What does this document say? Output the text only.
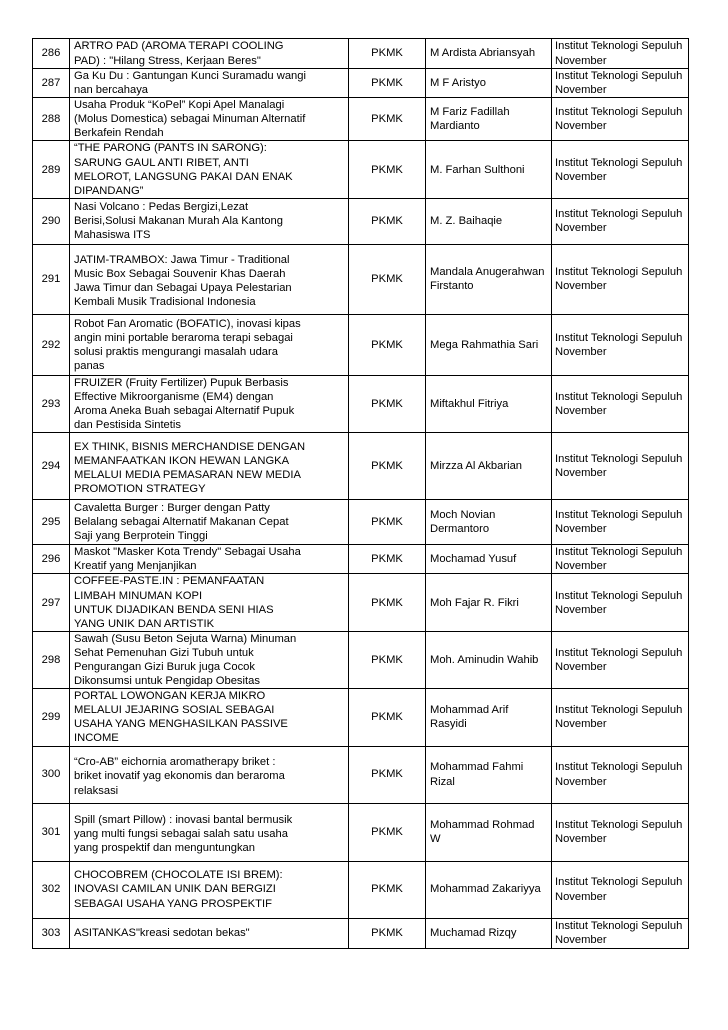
286	ARTRO PAD (AROMA TERAPI COOLING
PAD) : "Hilang Stress, Kerjaan Beres"	PKMK	M Ardista Abriansyah	Institut Teknologi Sepuluh
November
287	Ga Ku Du : Gantungan Kunci Suramadu wangi
nan bercahaya	PKMK	M F Aristyo	Institut Teknologi Sepuluh
November
288	Usaha Produk “KoPel” Kopi Apel Manalagi
(Molus Domestica) sebagai Minuman Alternatif
Berkafein Rendah	PKMK	M Fariz Fadillah
Mardianto	Institut Teknologi Sepuluh
November
289	“THE PARONG (PANTS IN SARONG):
SARUNG GAUL ANTI RIBET, ANTI
MELOROT, LANGSUNG PAKAI DAN ENAK
DIPANDANG”	PKMK	M. Farhan Sulthoni	Institut Teknologi Sepuluh
November
290	Nasi Volcano : Pedas Bergizi,Lezat
Berisi,Solusi Makanan Murah Ala Kantong
Mahasiswa ITS	PKMK	M. Z. Baihaqie	Institut Teknologi Sepuluh
November
291	JATIM-TRAMBOX: Jawa Timur - Traditional
Music Box Sebagai Souvenir Khas Daerah
Jawa Timur dan Sebagai Upaya Pelestarian
Kembali Musik Tradisional Indonesia	PKMK	Mandala Anugerahwan
Firstanto	Institut Teknologi Sepuluh
November
292	Robot Fan Aromatic (BOFATIC), inovasi kipas
angin mini portable beraroma terapi sebagai
solusi praktis mengurangi masalah udara
panas	PKMK	Mega Rahmathia Sari	Institut Teknologi Sepuluh
November
293	FRUIZER (Fruity Fertilizer) Pupuk Berbasis
Effective Mikroorganisme (EM4) dengan
Aroma Aneka Buah sebagai Alternatif Pupuk
dan Pestisida Sintetis	PKMK	Miftakhul Fitriya	Institut Teknologi Sepuluh
November
294	EX THINK, BISNIS MERCHANDISE DENGAN
MEMANFAATKAN IKON HEWAN LANGKA
MELALUI MEDIA PEMASARAN NEW MEDIA
PROMOTION STRATEGY	PKMK	Mirzza Al Akbarian	Institut Teknologi Sepuluh
November
295	Cavaletta Burger : Burger dengan Patty
Belalang sebagai Alternatif Makanan Cepat
Saji yang Berprotein Tinggi	PKMK	Moch Novian
Dermantoro	Institut Teknologi Sepuluh
November
296	Maskot "Masker Kota Trendy" Sebagai Usaha
Kreatif yang Menjanjikan	PKMK	Mochamad Yusuf	Institut Teknologi Sepuluh
November
297	COFFEE-PASTE.IN : PEMANFAATAN
LIMBAH MINUMAN KOPI
UNTUK DIJADIKAN BENDA SENI HIAS
YANG UNIK DAN ARTISTIK	PKMK	Moh Fajar R. Fikri	Institut Teknologi Sepuluh
November
298	Sawah (Susu Beton Sejuta Warna) Minuman
Sehat Pemenuhan Gizi Tubuh untuk
Pengurangan Gizi Buruk juga Cocok
Dikonsumsi untuk Pengidap Obesitas	PKMK	Moh. Aminudin Wahib	Institut Teknologi Sepuluh
November
299	PORTAL LOWONGAN KERJA MIKRO
MELALUI JEJARING SOSIAL SEBAGAI
USAHA YANG MENGHASILKAN PASSIVE
INCOME	PKMK	Mohammad Arif
Rasyidi	Institut Teknologi Sepuluh
November
300	“Cro-AB” eichornia aromatherapy briket :
briket inovatif yag ekonomis dan beraroma
relaksasi	PKMK	Mohammad Fahmi
Rizal	Institut Teknologi Sepuluh
November
301	Spill (smart Pillow) : inovasi bantal bermusik
yang multi fungsi sebagai salah satu usaha
yang prospektif dan menguntungkan	PKMK	Mohammad Rohmad
W	Institut Teknologi Sepuluh
November
302	CHOCOBREM (CHOCOLATE ISI BREM):
INOVASI CAMILAN UNIK DAN BERGIZI
SEBAGAI USAHA YANG PROSPEKTIF	PKMK	Mohammad Zakariyya	Institut Teknologi Sepuluh
November
303	ASITANKAS"kreasi sedotan bekas"	PKMK	Muchamad Rizqy	Institut Teknologi Sepuluh
November
